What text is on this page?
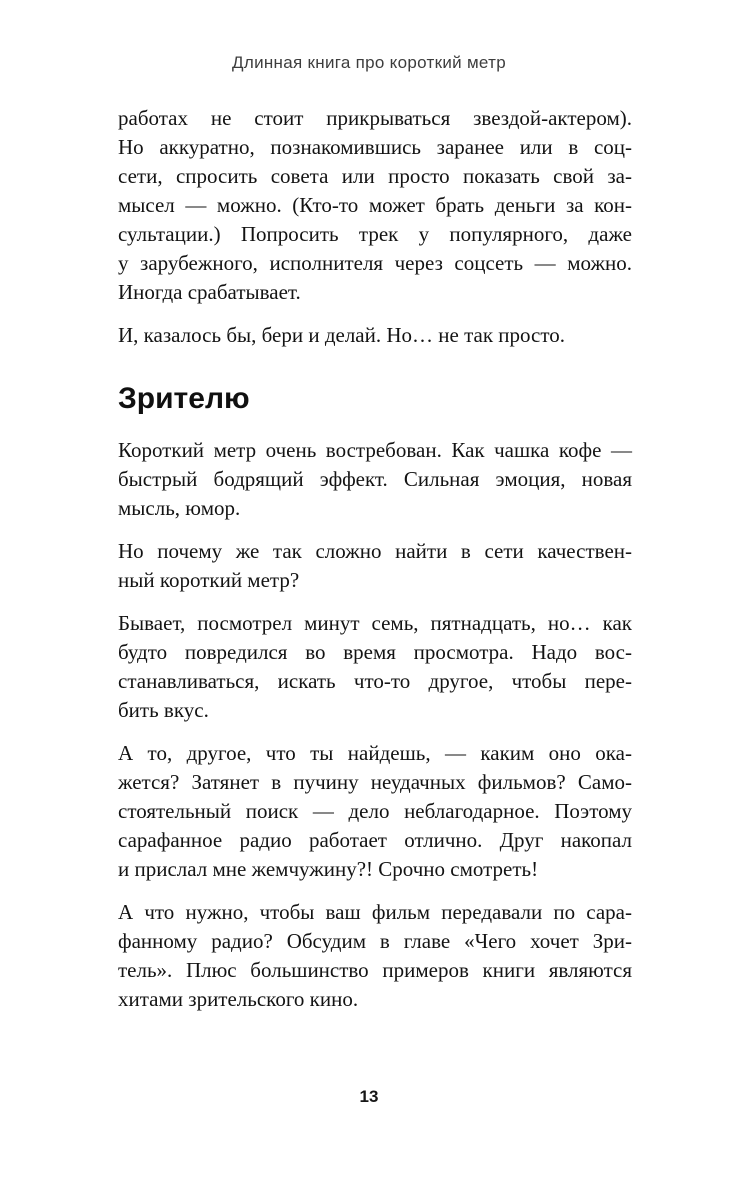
Длинная книга про короткий метр

работах не стоит прикрываться звездой-актером).
Но аккуратно, познакомившись заранее или в соц-
сети, спросить совета или просто показать свой за-
мысел — можно. (Кто-то может брать деньги за кон-
сультации.) Попросить трек у популярного, даже
у зарубежного, исполнителя через соцсеть — можно.
Иногда срабатывает.

И, казалось бы, бери и делай. Но… не так просто.

Зрителю

Короткий метр очень востребован. Как чашка кофе —
быстрый бодрящий эффект. Сильная эмоция, новая
мысль, юмор.

Но почему же так сложно найти в сети качествен-
ный короткий метр?

Бывает, посмотрел минут семь, пятнадцать, но… как
будто повредился во время просмотра. Надо вос-
станавливаться, искать что-то другое, чтобы пере-
бить вкус.

А то, другое, что ты найдешь, — каким оно ока-
жется? Затянет в пучину неудачных фильмов? Само-
стоятельный поиск — дело неблагодарное. Поэтому
сарафанное радио работает отлично. Друг накопал
и прислал мне жемчужину?! Срочно смотреть!

А что нужно, чтобы ваш фильм передавали по сара-
фанному радио? Обсудим в главе «Чего хочет Зри-
тель». Плюс большинство примеров книги являются
хитами зрительского кино.

13
